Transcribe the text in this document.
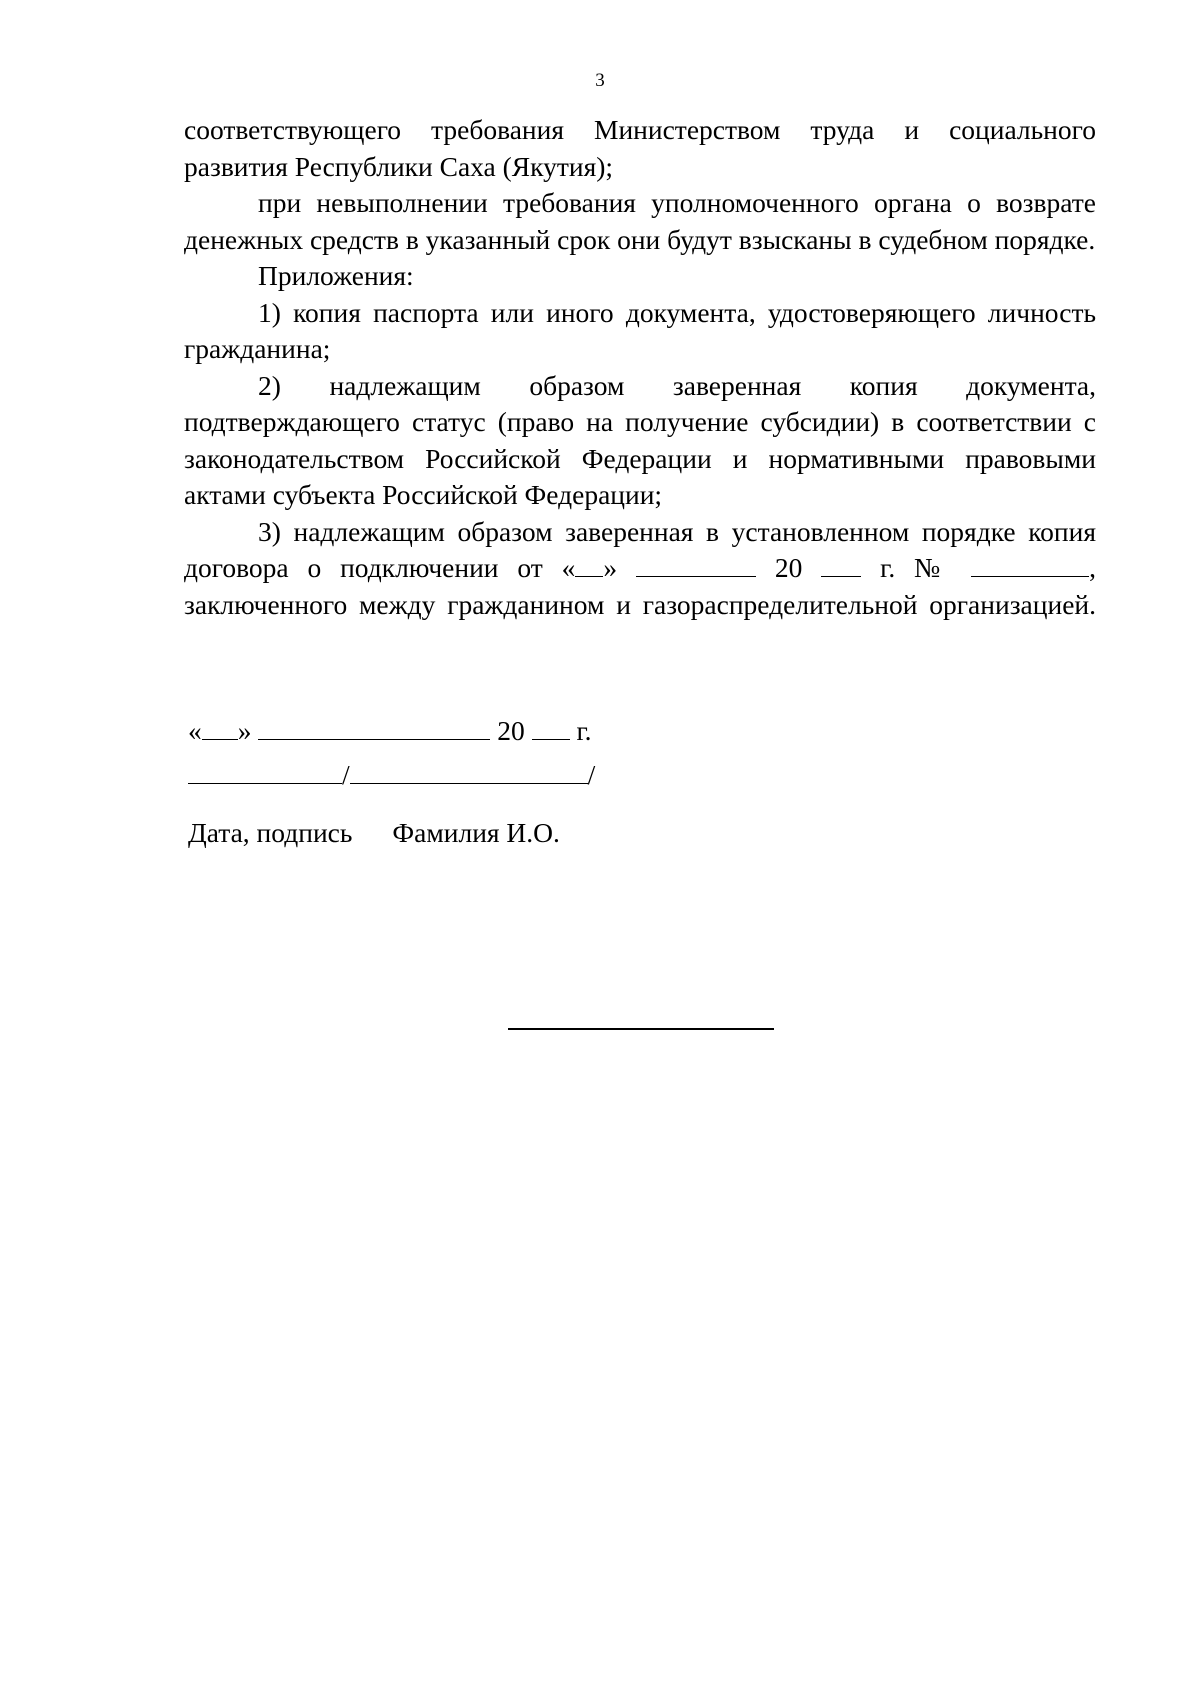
3

соответствующего требования Министерством труда и социального

развития Республики Саха (Якутия);

при невыполнении требования уполномоченного органа о возврате денежных средств в указанный срок они будут взысканы в судебном порядке.

Приложения:

1) копия паспорта или иного документа, удостоверяющего личность гражданина;

2) надлежащим образом заверенная копия документа, подтверждающего статус (право на получение субсидии) в соответствии с законодательством Российской Федерации и нормативными правовыми актами субъекта Российской Федерации;

3) надлежащим образом заверенная в установленном порядке копия

договора о подключении от « »	20	г. №	,

заключенного между гражданином и газораспределительной организацией.

« »	20 г.
/	/
Дата, подпись Фамилия И.О.
